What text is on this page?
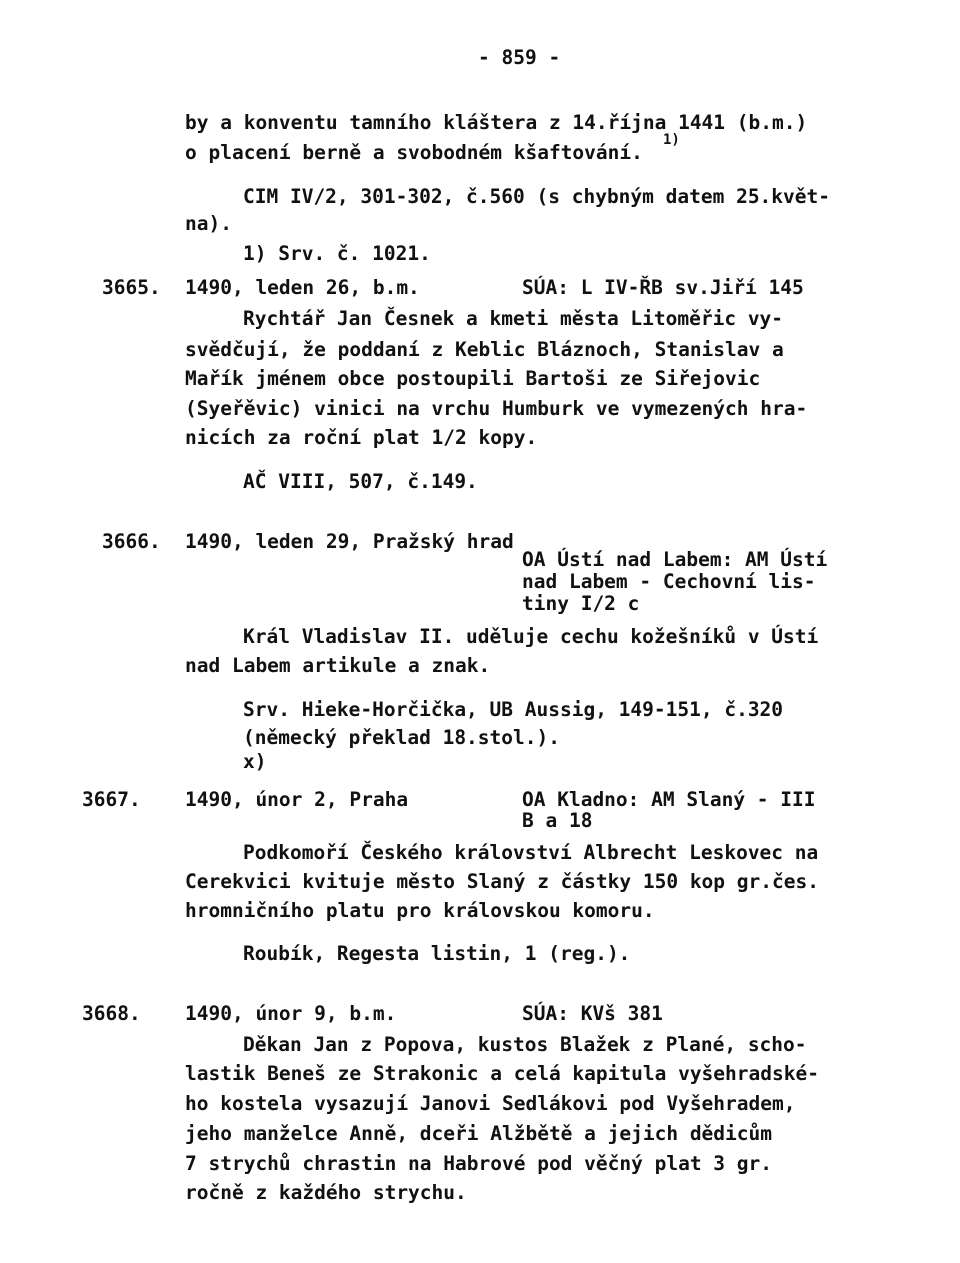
- 859 -
by a konventu tamního kláštera z 14.října 1441 (b.m.)
o placení berně a svobodném kšaftování.
1)
CIM IV/2, 301-302, č.560 (s chybným datem 25.květ-
na).
1) Srv. č. 1021.
3665. 1490, leden 26, b.m.	SÚA: L IV-ŘB sv.Jiří 145
Rychtář Jan Česnek a kmeti města Litoměřic vy-
svědčují, že poddaní z Keblic Bláznoch, Stanislav a
Mařík jménem obce postoupili Bartoši ze Siřejovic
(Syeřěvic) vinici na vrchu Humburk ve vymezených hra-
nicích za roční plat 1/2 kopy.
AČ VIII, 507, č.149.
3666. 1490, leden 29, Pražský hrad
OA Ústí nad Labem: AM Ústí
nad Labem - Cechovní lis-
tiny I/2 c
Král Vladislav II. uděluje cechu kožešníků v Ústí
nad Labem artikule a znak.
Srv. Hieke-Horčička, UB Aussig, 149-151, č.320
(německý překlad 18.stol.).
x)
3667. 1490, únor 2, Praha	OA Kladno: AM Slaný - III
B a 18
Podkomoří Českého království Albrecht Leskovec na
Cerekvici kvituje město Slaný z částky 150 kop gr.čes.
hromničního platu pro královskou komoru.
Roubík, Regesta listin, 1 (reg.).
3668. 1490, únor 9, b.m.	SÚA: KVš 381
Děkan Jan z Popova, kustos Blažek z Plané, scho-
lastik Beneš ze Strakonic a celá kapitula vyšehradské-
ho kostela vysazují Janovi Sedlákovi pod Vyšehradem,
jeho manželce Anně, dceři Alžbětě a jejich dědicům
7 strychů chrastin na Habrové pod věčný plat 3 gr.
ročně z každého strychu.
